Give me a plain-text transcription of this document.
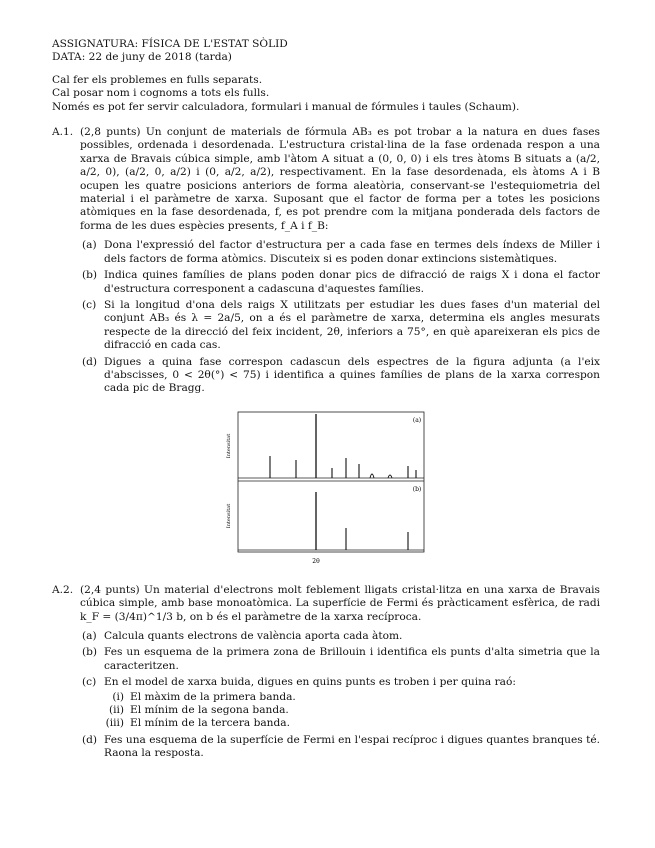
ASSIGNATURA: FÍSICA DE L'ESTAT SÒLID

DATA: 22 de juny de 2018 (tarda)

Cal fer els problemes en fulls separats.

Cal posar nom i cognoms a tots els fulls.

Només es pot fer servir calculadora, formulari i manual de fórmules i taules (Schaum).

A.1. (2,8 punts) Un conjunt de materials de fórmula AB₃ es pot trobar a la natura en dues fases possibles, ordenada i desordenada. L'estructura cristal·lina de la fase ordenada respon a una xarxa de Bravais cúbica simple, amb l'àtom A situat a (0, 0, 0) i els tres àtoms B situats a (a/2, a/2, 0), (a/2, 0, a/2) i (0, a/2, a/2), respectivament. En la fase desordenada, els àtoms A i B ocupen les quatre posicions anteriors de forma aleatòria, conservant-se l'estequiometria del material i el paràmetre de xarxa. Suposant que el factor de forma per a totes les posicions atòmiques en la fase desordenada, f, es pot prendre com la mitjana ponderada dels factors de forma de les dues espècies presents, f_A i f_B:
(a) Dona l'expressió del factor d'estructura per a cada fase en termes dels índexs de Miller i dels factors de forma atòmics. Discuteix si es poden donar extincions sistemàtiques.
(b) Indica quines famílies de plans poden donar pics de difracció de raigs X i dona el factor d'estructura corresponent a cadascuna d'aquestes famílies.
(c) Si la longitud d'ona dels raigs X utilitzats per estudiar les dues fases d'un material del conjunt AB₃ és λ = 2a/5, on a és el paràmetre de xarxa, determina els angles mesurats respecte de la direcció del feix incident, 2θ, inferiors a 75°, en què apareixeran els pics de difracció en cada cas.
(d) Digues a quina fase correspon cadascun dels espectres de la figura adjunta (a l'eix d'abscisses, 0 < 2θ(°) < 75) i identifica a quines famílies de plans de la xarxa correspon cada pic de Bragg.
(a)
(b)
Intensitat
Intensitat
2θ
A.2. (2,4 punts) Un material d'electrons molt feblement lligats cristal·litza en una xarxa de Bravais cúbica simple, amb base monoatòmica. La superfície de Fermi és pràcticament esfèrica, de radi k_F = (3/4π)^1/3 b, on b és el paràmetre de la xarxa recíproca.
(a) Calcula quants electrons de valència aporta cada àtom.
(b) Fes un esquema de la primera zona de Brillouin i identifica els punts d'alta simetria que la caracteritzen.
(c) En el model de xarxa buida, digues en quins punts es troben i per quina raó:
(i) El màxim de la primera banda.
(ii) El mínim de la segona banda.
(iii) El mínim de la tercera banda.
(d) Fes una esquema de la superfície de Fermi en l'espai recíproc i digues quantes branques té. Raona la resposta.
